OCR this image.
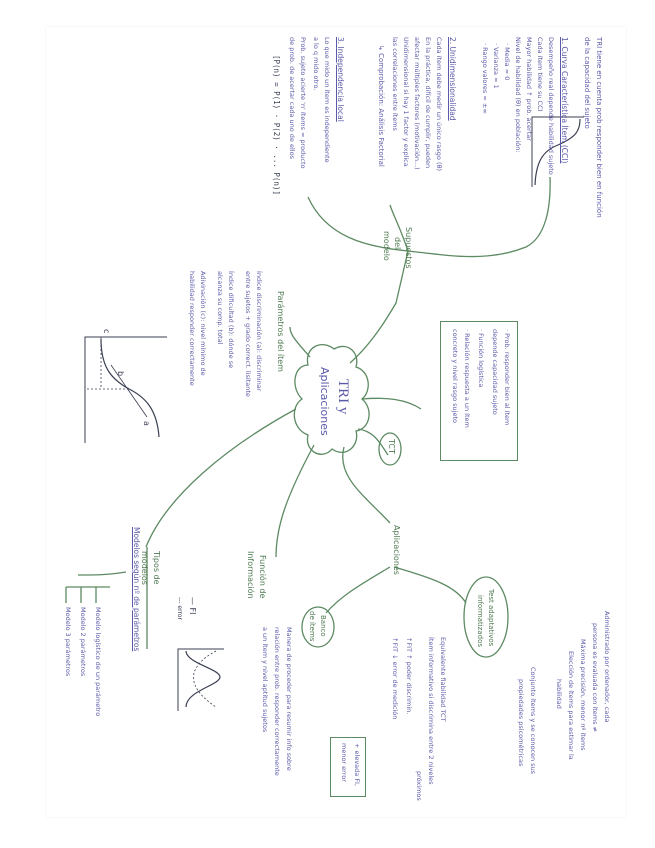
TRI y
Aplicaciones
TRI tiene en cuenta prob responder bien en función
de la capacidad del sujeto
Supuestos
del
modelo
1. Curva Característica Ítem (CCI)
Desempeño real depende habilidad sujeto
Cada ítem tiene su CCI
Mayor habilidad ↑ prob. acertar
Nivel de habilidad (θ) en población:
· Media = 0
· Varianza = 1
· Rango valores = ±∞
2. Unidimensionalidad
Cada ítem debe medir un único rasgo (θ)
En la práctica, difícil de cumplir, pueden
afectar múltiples factores (motivación...)
Unidimensional si hay 1 factor y explica
las correlaciones entre ítems
↳ Comprobación: Análisis Factorial
3. Independencia local
Lo que mido un ítem es independiente
a lo q mido otro.
Prob. sujeto acierte 'n' ítems = producto
de prob. de acertar cada uno de ellos
[P(n) = P(1) · P(2) · ... P(n)]
TCT
· Prob. responder bien al ítem
depende capacidad sujeto
· Función logística
· Relación respuesta a un ítem
concreto y nivel rasgo sujeto
Parámetros del ítem
Índice discriminación (a): discriminar
entre sujetos + grado correct. lisitante
Índice dificultad (b): dónde se
alcanza su comp. total
Adivinación (c): nivel mínimo de
habilidad responder correctamente
c
b
a
Aplicaciones
Test adaptativos
informatizados	Administrado por ordenador, cada
persona es evaluada con ítems ≠
Máxima precisión, menor nº ítems
Elección de ítems para estimar la
habilidad
Banco
de ítems
Conjunto ítems y se conocen sus
propiedades psicométricas
Función de
Información
Equivalente fiabilidad TCT
Ítem informativo si discrimina entre 2 niveles
próximos
↑FIT ↑ poder discrimin.
↑FIT ↓ error de medición
— FI
--- error
+ elevada FI,
menor error
Tipos de
modelos
Manera de proceder para resumir info sobre
relación entre prob. responder correctamente
a un ítem y nivel aptitud sujetos
Modelos según nº de parámetros
Modelo logístico de un parámetro
Modelo 2 parámetros
Modelo 3 parámetros
